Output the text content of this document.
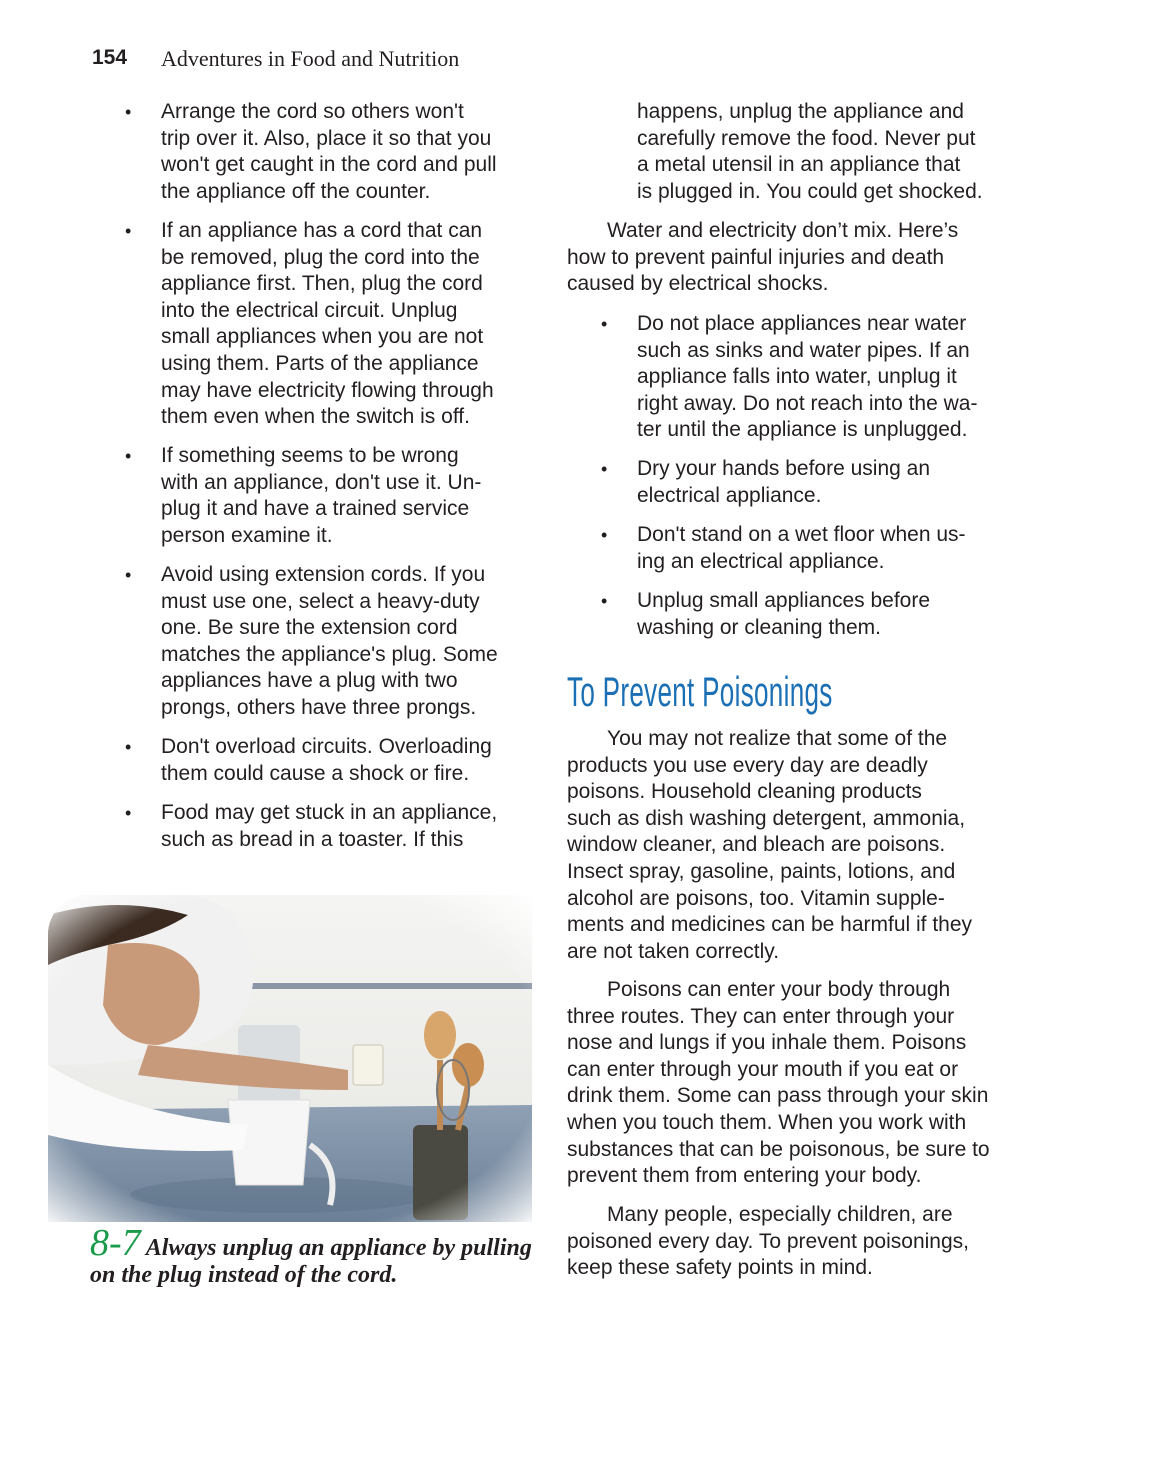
154 Adventures in Food and Nutrition
To Prevent Poisonings
8-7 Always unplug an appliance by pulling
on the plug instead of the cord.
• Arrange the cord so others won't
trip over it. Also, place it so that you
won't get caught in the cord and pull
the appliance off the counter.
• If an appliance has a cord that can
be removed, plug the cord into the
appliance first. Then, plug the cord
into the electrical circuit. Unplug
small appliances when you are not
using them. Parts of the appliance
may have electricity flowing through
them even when the switch is off.
• If something seems to be wrong
with an appliance, don't use it. Un-
plug it and have a trained service
person examine it.
• Avoid using extension cords. If you
must use one, select a heavy-duty
one. Be sure the extension cord
matches the appliance's plug. Some
appliances have a plug with two
prongs, others have three prongs.
• Don't overload circuits. Overloading
them could cause a shock or fire.
• Food may get stuck in an appliance,
such as bread in a toaster. If this
happens, unplug the appliance and
carefully remove the food. Never put
a metal utensil in an appliance that
is plugged in. You could get shocked.
Water and electricity don’t mix. Here’s
how to prevent painful injuries and death
caused by electrical shocks.
• Do not place appliances near water
such as sinks and water pipes. If an
appliance falls into water, unplug it
right away. Do not reach into the wa-
ter until the appliance is unplugged.
• Dry your hands before using an
electrical appliance.
• Don't stand on a wet floor when us-
ing an electrical appliance.
• Unplug small appliances before
washing or cleaning them.
You may not realize that some of the
products you use every day are deadly
poisons. Household cleaning products
such as dish washing detergent, ammonia,
window cleaner, and bleach are poisons.
Insect spray, gasoline, paints, lotions, and
alcohol are poisons, too. Vitamin supple-
ments and medicines can be harmful if they
are not taken correctly.
Poisons can enter your body through
three routes. They can enter through your
nose and lungs if you inhale them. Poisons
can enter through your mouth if you eat or
drink them. Some can pass through your skin
when you touch them. When you work with
substances that can be poisonous, be sure to
prevent them from entering your body.
Many people, especially children, are
poisoned every day. To prevent poisonings,
keep these safety points in mind.
